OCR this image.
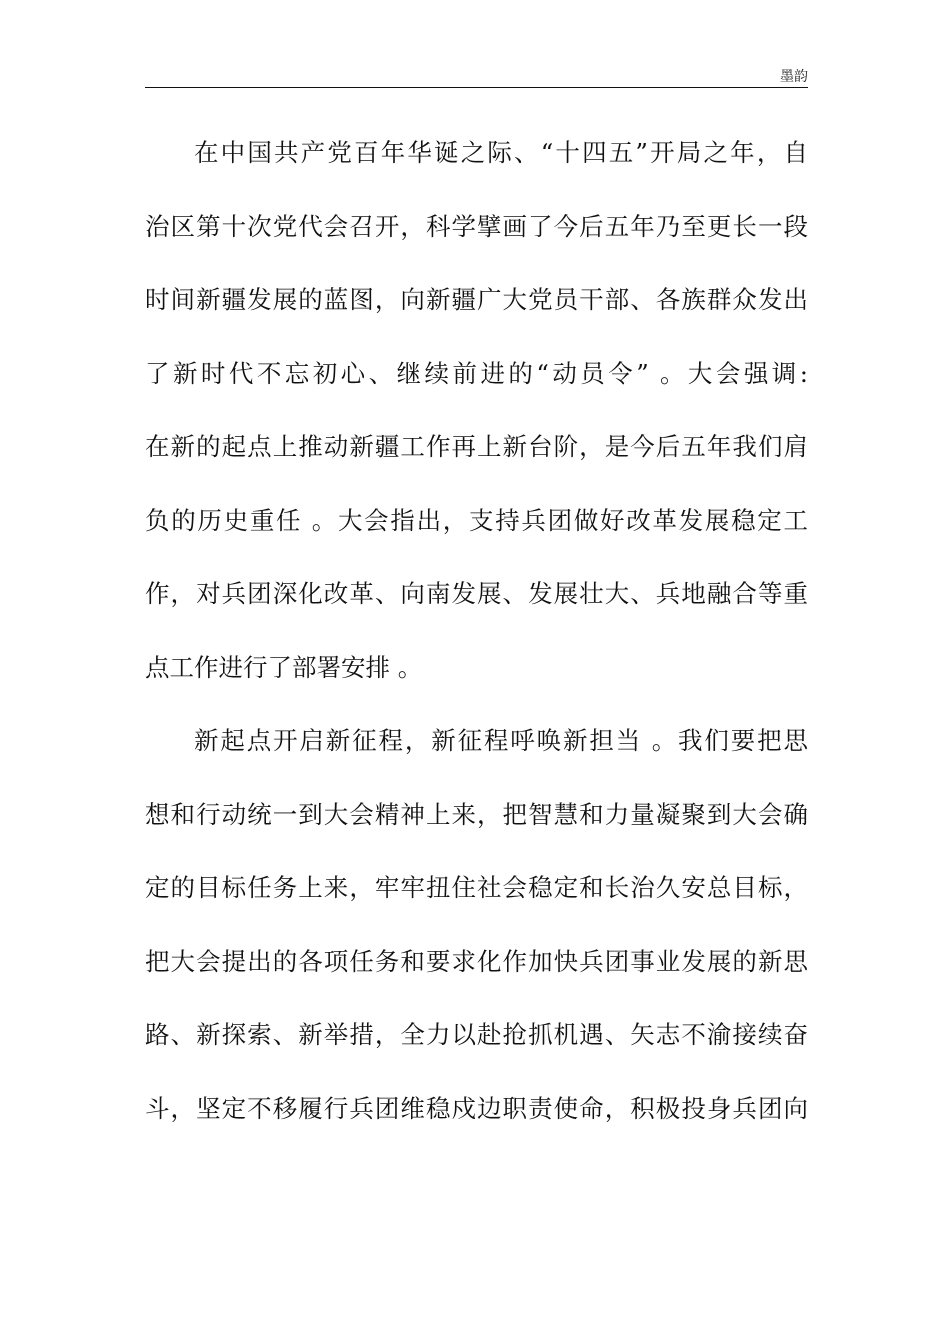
墨韵
在中国共产党百年华诞之际、“十四五”开局之年，自
治区第十次党代会召开，科学擘画了今后五年乃至更长一段
时间新疆发展的蓝图，向新疆广大党员干部、各族群众发出
了新时代不忘初心、继续前进的“动员令” 。大会强调:
在新的起点上推动新疆工作再上新台阶，是今后五年我们肩
负的历史重任 。大会指出，支持兵团做好改革发展稳定工
作，对兵团深化改革、向南发展、发展壮大、兵地融合等重
点工作进行了部署安排 。
新起点开启新征程，新征程呼唤新担当 。我们要把思
想和行动统一到大会精神上来，把智慧和力量凝聚到大会确
定的目标任务上来，牢牢扭住社会稳定和长治久安总目标，
把大会提出的各项任务和要求化作加快兵团事业发展的新思
路、新探索、新举措，全力以赴抢抓机遇、矢志不渝接续奋
斗，坚定不移履行兵团维稳戍边职责使命，积极投身兵团向
